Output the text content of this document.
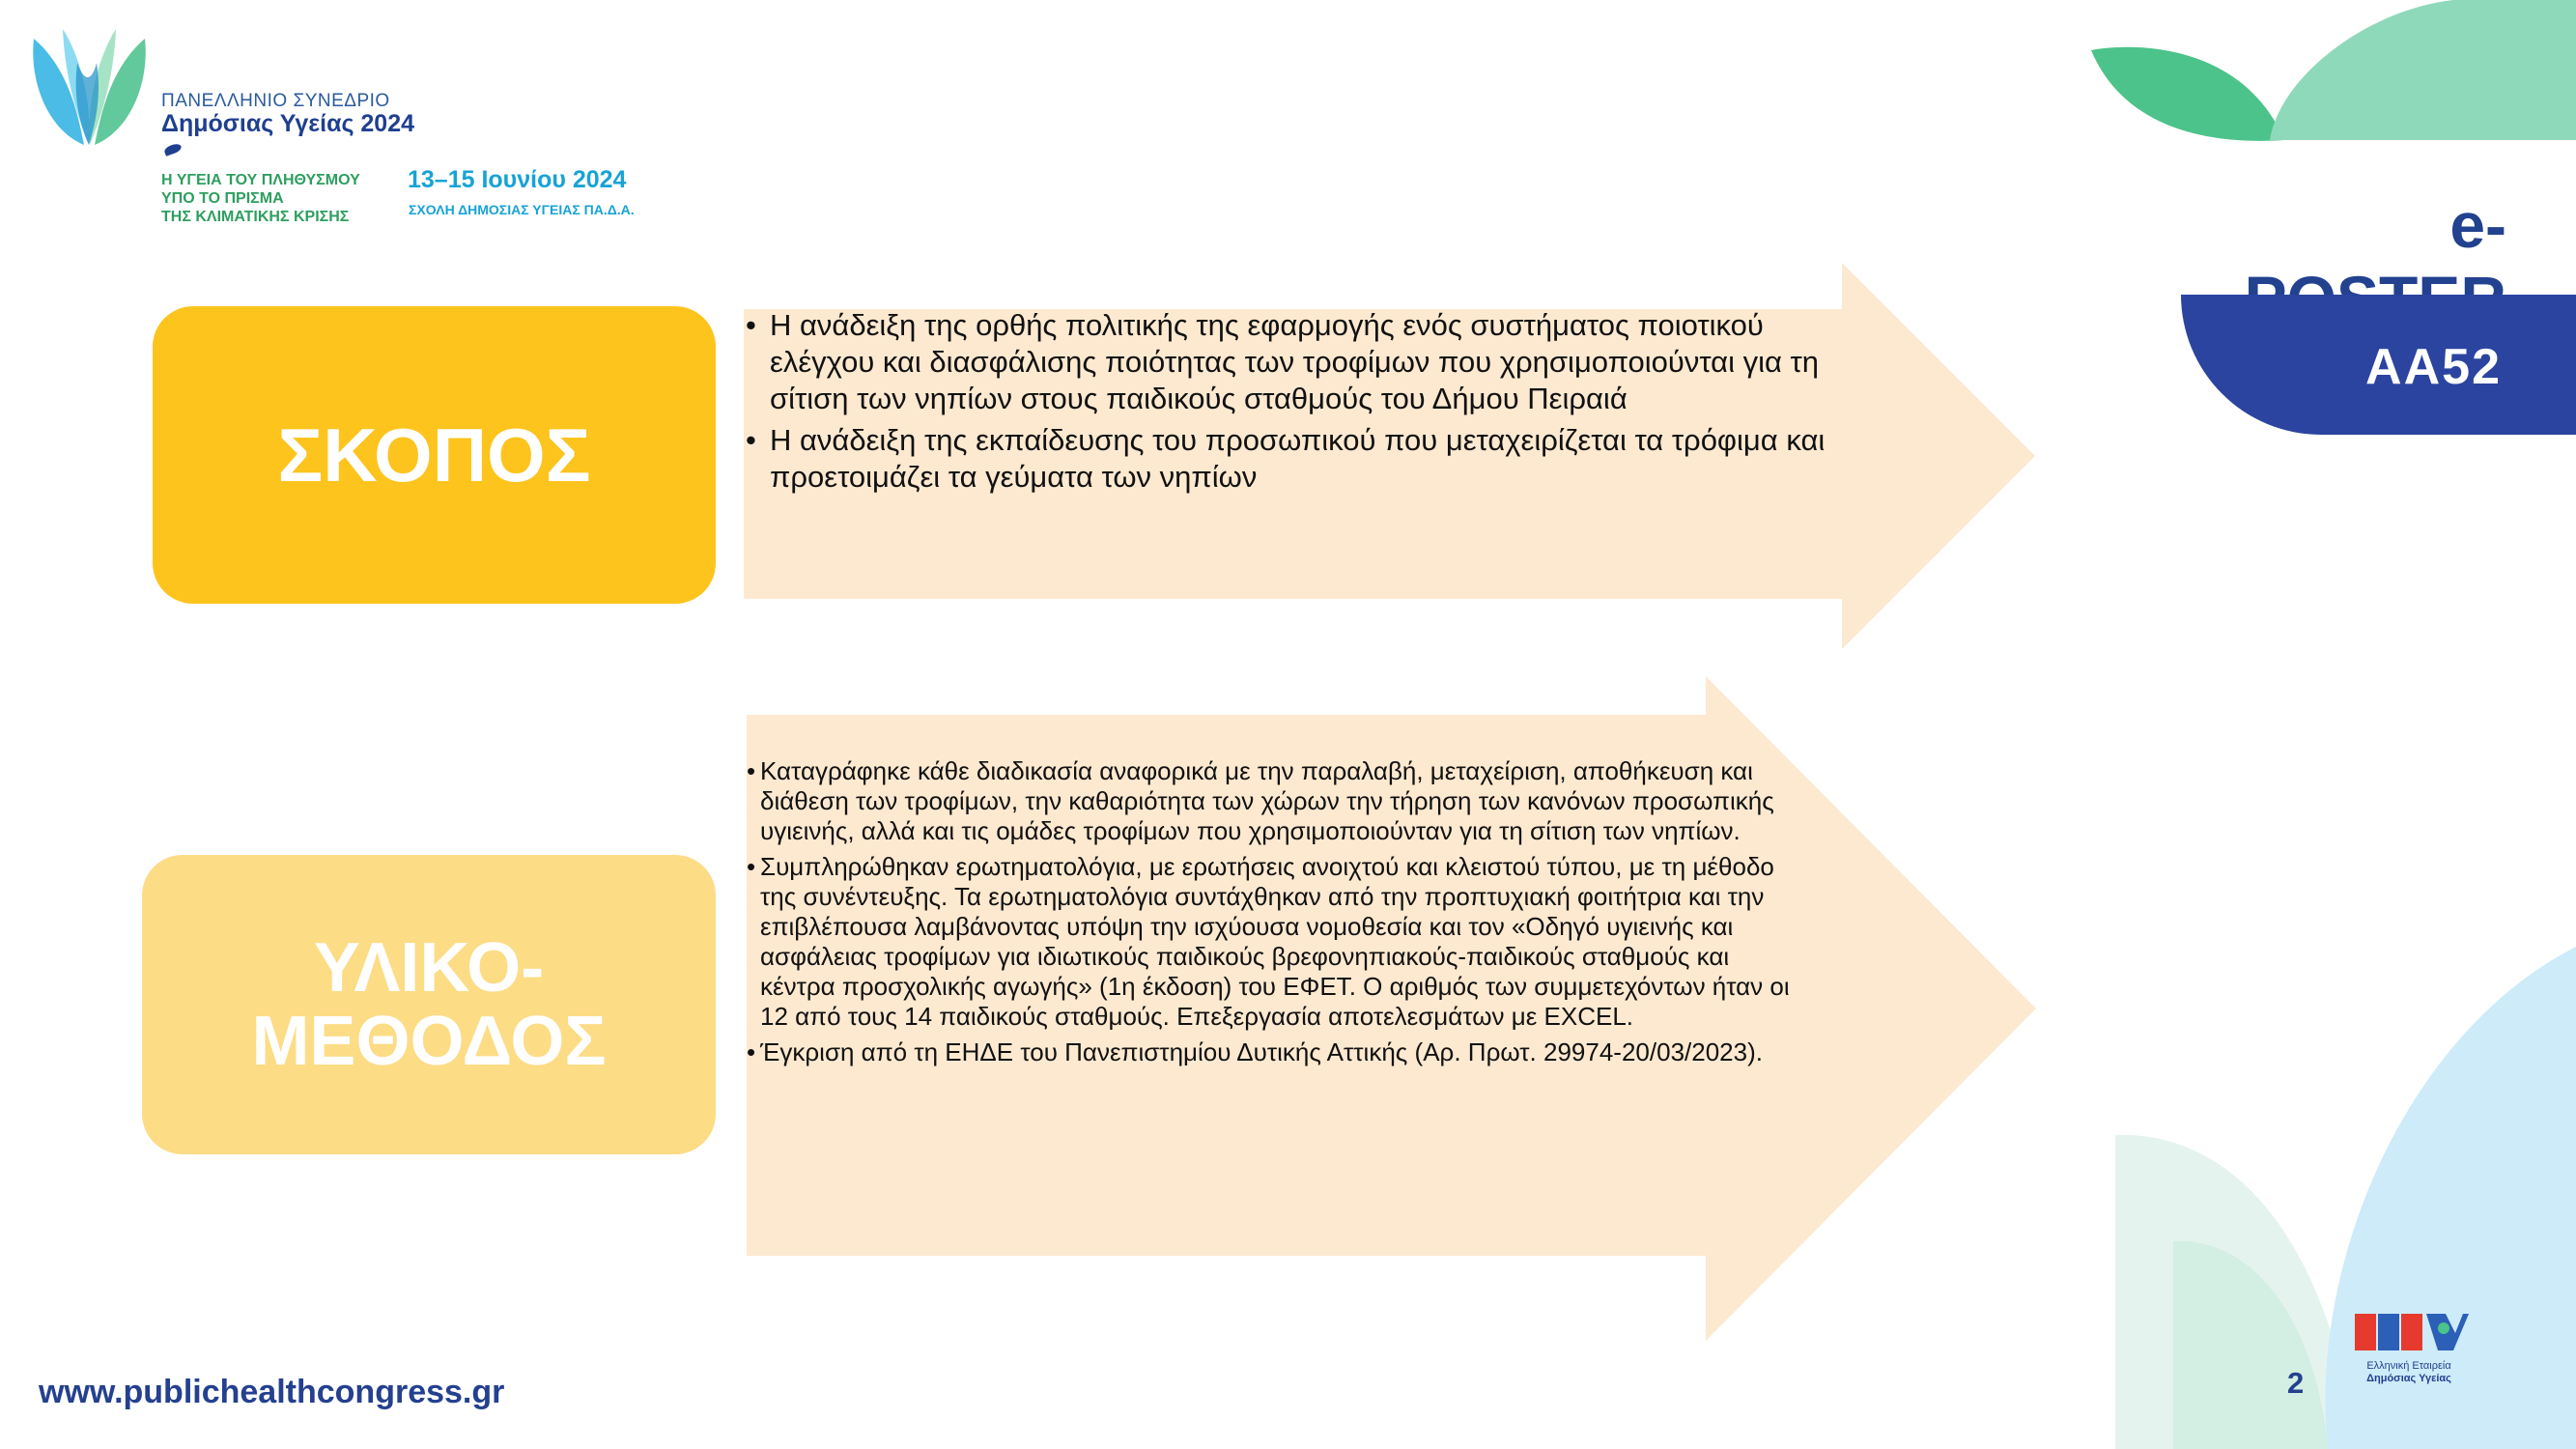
ΠΑΝΕΛΛΗΝΙΟ ΣΥΝΕΔΡΙΟ
Δημόσιας Υγείας 2024
Η ΥΓΕΙΑ ΤΟΥ ΠΛΗΘΥΣΜΟΥ
ΥΠΟ ΤΟ ΠΡΙΣΜΑ
ΤΗΣ ΚΛΙΜΑΤΙΚΗΣ ΚΡΙΣΗΣ
13–15 Ιουνίου 2024
ΣΧΟΛΗ ΔΗΜΟΣΙΑΣ ΥΓΕΙΑΣ ΠΑ.Δ.Α.	e-
ΑΑ52
ΣΚΟΠΟΣ
ΥΛΙΚΟ-ΜΕΘΟΔΟΣ
• Η ανάδειξη της ορθής πολιτικής της εφαρμογής ενός συστήματος ποιοτικού ελέγχου και διασφάλισης ποιότητας των τροφίμων που χρησιμοποιούνται για τη σίτιση των νηπίων στους παιδικούς σταθμούς του Δήμου Πειραιά
• Η ανάδειξη της εκπαίδευσης του προσωπικού που μεταχειρίζεται τα τρόφιμα και προετοιμάζει τα γεύματα των νηπίων
• Καταγράφηκε κάθε διαδικασία αναφορικά με την παραλαβή, μεταχείριση, αποθήκευση και διάθεση των τροφίμων, την καθαριότητα των χώρων την τήρηση των κανόνων προσωπικής υγιεινής, αλλά και τις ομάδες τροφίμων που χρησιμοποιούνταν για τη σίτιση των νηπίων.
• Συμπληρώθηκαν ερωτηματολόγια, με ερωτήσεις ανοιχτού και κλειστού τύπου, με τη μέθοδο της συνέντευξης. Τα ερωτηματολόγια συντάχθηκαν από την προπτυχιακή φοιτήτρια και την επιβλέπουσα λαμβάνοντας υπόψη την ισχύουσα νομοθεσία και τον «Οδηγό υγιεινής και ασφάλειας τροφίμων για ιδιωτικούς παιδικούς βρεφονηπιακούς-παιδικούς σταθμούς και κέντρα προσχολικής αγωγής» (1η έκδοση) του ΕΦΕΤ. Ο αριθμός των συμμετεχόντων ήταν οι 12 από τους 14 παιδικούς σταθμούς. Επεξεργασία αποτελεσμάτων με EXCEL.
• Έγκριση από τη ΕΗΔΕ του Πανεπιστημίου Δυτικής Αττικής (Αρ. Πρωτ. 29974-20/03/2023).
www.publichealthcongress.gr	2	Ελληνική Εταιρεία
Δημόσιας Υγείας
